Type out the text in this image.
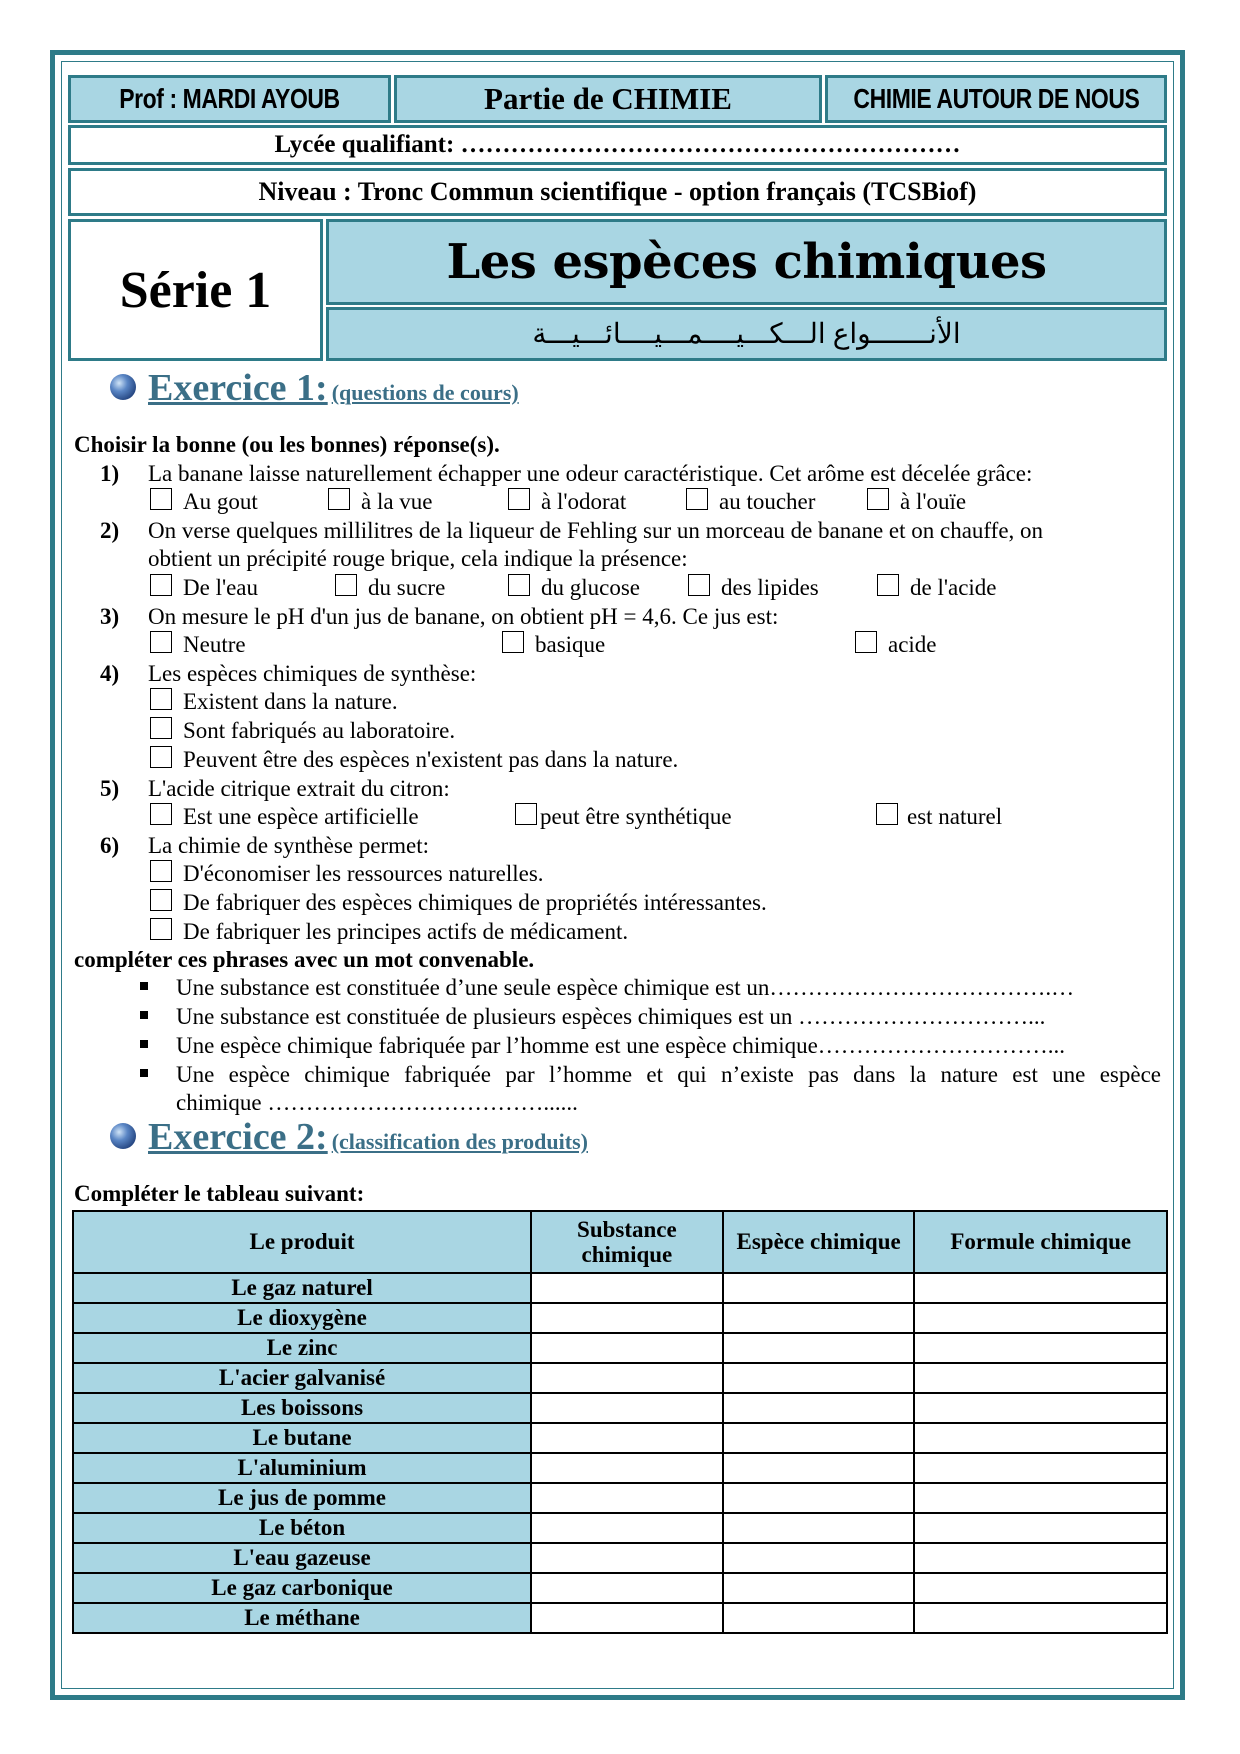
Prof : MARDI AYOUB	Partie de CHIMIE	CHIMIE AUTOUR DE NOUS
Lycée qualifiant: ……………………………………………………
Niveau : Tronc Commun scientifique - option français (TCSBiof)
Série 1	Les espèces chimiques
الأنـــــــواع الـــكـــيــــمـــيــــائـــيـــة
Exercice 1: (questions de cours)
Choisir la bonne (ou les bonnes) réponse(s).
1) La banane laisse naturellement échapper une odeur caractéristique. Cet arôme est décelée grâce:
Au gout	à la vue	à l'odorat	au toucher	à l'ouïe
2) On verse quelques millilitres de la liqueur de Fehling sur un morceau de banane et on chauffe, on
obtient un précipité rouge brique, cela indique la présence:
De l'eau	du sucre	du glucose	des lipides	de l'acide
3) On mesure le pH d'un jus de banane, on obtient pH = 4,6. Ce jus est:
Neutre	basique	acide
4) Les espèces chimiques de synthèse:
Existent dans la nature.
Sont fabriqués au laboratoire.
Peuvent être des espèces n'existent pas dans la nature.
5) L'acide citrique extrait du citron:
Est une espèce artificielle	peut être synthétique	est naturel
6) La chimie de synthèse permet:
D'économiser les ressources naturelles.
De fabriquer des espèces chimiques de propriétés intéressantes.
De fabriquer les principes actifs de médicament.
compléter ces phrases avec un mot convenable.
Une substance est constituée d’une seule espèce chimique est un……………………………….…
Une substance est constituée de plusieurs espèces chimiques est un …………………………...
Une espèce chimique fabriquée par l’homme est une espèce chimique…………………………...
Une espèce chimique fabriquée par l’homme et qui n’existe pas dans la nature est une espèce
chimique ………………………………......
Exercice 2: (classification des produits)
Compléter le tableau suivant:
Le produit	Substance chimique	Espèce chimique	Formule chimique
Le gaz naturel			
Le dioxygène			
Le zinc			
L'acier galvanisé			
Les boissons			
Le butane			
L'aluminium			
Le jus de pomme			
Le béton			
L'eau gazeuse			
Le gaz carbonique			
Le méthane			
